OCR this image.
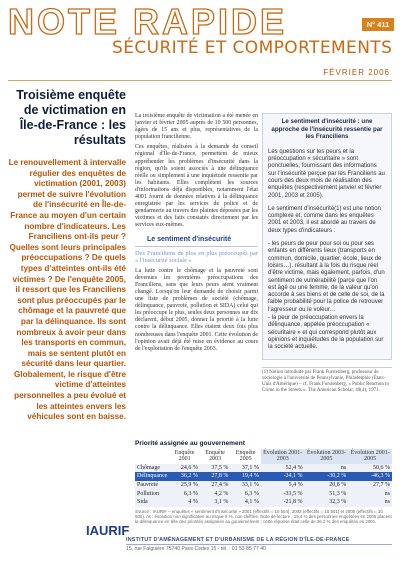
NOTE RAPIDE
SÉCURITÉ ET COMPORTEMENTS
N° 411
FÉVRIER 2006
Troisième enquête de victimation en Île-de-France : les résultats
Le renouvellement à intervalle régulier des enquêtes de victimation (2001, 2003) permet de suivre l'évolution de l'insécurité en Île-de-France au moyen d'un certain nombre d'indicateurs. Les Franciliens ont-ils peur ? Quelles sont leurs principales préoccupations ? De quels types d'atteintes ont-ils été victimes ? De l'enquête 2005, il ressort que les Franciliens sont plus préoccupés par le chômage et la pauvreté que par la délinquance. Ils sont nombreux à avoir peur dans les transports en commun, mais se sentent plutôt en sécurité dans leur quartier. Globalement, le risque d'être victime d'atteintes personnelles a peu évolué et les atteintes envers les véhicules sont en baisse.

La troisième enquête de victimation a été menée en janvier et février 2005 auprès de 10 500 personnes, âgées de 15 ans et plus, représentatives de la population francilienne.

Ces enquêtes, réalisées à la demande du conseil régional d'Île-de-France, permettent de mieux appréhender les problèmes d'insécurité dans la région, qu'ils soient associés à une délinquance réelle ou simplement à une inquiétude ressentie par les habitants. Elles complètent les sources d'informations déjà disponibles, notamment l'état 4001 fourni de données relatives à la délinquance enregistrée par les services de police et de gendarmerie au travers des plaintes déposées par les victimes et des faits constatés directement par les services eux-mêmes.

Le sentiment d'insécurité
Des Franciliens de plus en plus préoccupés par « l'insécurité sociale »

La lutte contre le chômage et la pauvreté sont devenues les premières préoccupations des Franciliens, sans que leurs peurs aient vraiment changé. Lorsqu'on leur demande de choisir parmi une liste de problèmes de société (chômage, délinquance, pauvreté, pollution et SIDA) celui qui les préoccupe le plus, seules deux personnes sur dix déclarent, début 2005, donner la priorité à la lutte contre la délinquance. Elles étaient deux fois plus nombreuses dans l'enquête 2001. Cette évolution de l'opinion avait déjà été mise en évidence au cours de l'exploitation de l'enquête 2003.

Le sentiment d'insécurité : une approche de l'insécurité ressentie par les Franciliens

Les questions sur les peurs et la préoccupation « sécuritaire » sont ponctuelles, fournissant des informations sur l'insécurité perçue par les Franciliens au cours des deux mois de réalisation des enquêtes (respectivement janvier et février 2001, 2003 et 2005).

Le sentiment d'insécurité(1) est une notion complexe et, comme dans les enquêtes 2001 et 2003, il est abordé au travers de deux types d'indicateurs :

- les peurs de peur pour soi ou pour ses enfants en différents lieux (transports en commun, domicile, quartier, école, lieux de loisirs…), résultant à la fois du risque réel d'être victime, mais également, parfois, d'un sentiment de vulnérabilité (parce que l'on est âgé ou une femme, de la valeur qu'on accorde à ses biens et de celle de soi, de la faible probabilité pour la police de retrouver l'agresseur ou le voleur…
- la peur de préoccupation envers la délinquance, appelée préoccupation « sécuritaire » et qui correspond plutôt aux opinions et inquiétudes de la population sur la société actuelle.
(1) Notion introduite par Frank Furstenberg, professeur de sociologie à l'université de Pennsylvanie, Philadelphie (États-Unis d'Amérique) – cf. Frank Furstenberg, « Public Reaction to Crime in the Streets ». The American Scholar, 40(4), 1971.
Priorité assignée au gouvernement
	Enquête 2001	Enquête 2003	Enquête 2005	Évolution 2001-2003	Évolution 2003-2005	Évolution 2001-2005
Chômage	24,6 %	37,5 %	37,1 %	52,4 %	ns	50,6 %
Délinquance	36,2 %	27,8 %	19,4 %	-24,1 %	-30,2 %	-46,3 %
Pauvreté	25,9 %	27,4 %	33,1 %	5,4 %	20,8 %	27,7 %
Pollution	6,3 %	4,2 %	6,3 %	-33,5 %	51,3 %	ns
Sida	4 %	3,1 %	4,1 %	-21,8 %	32,3 %	ns
Source : IAURIF – enquêtes « sentiment d'insécurité » 2001 (effectifs = 10 504), 2003 (effectifs = 10 501) et 2005 (effectifs = 10 500). ns : évolution non significative au risque 5 %, non chiffrée. Note de lecture : 19,4 % des personnes enquêtées en 2005 placent la délinquance en tête des priorités assignées au gouvernement ; cette réponse était celle de 36,2 % des enquêtés en 2001.
IAURIF
INSTITUT D'AMÉNAGEMENT ET D'URBANISME DE LA RÉGION D'ÎLE-DE-FRANCE
15, rue Falguière 75740 Paris Cedex 15 - tél. : 01 53 85 77 40
